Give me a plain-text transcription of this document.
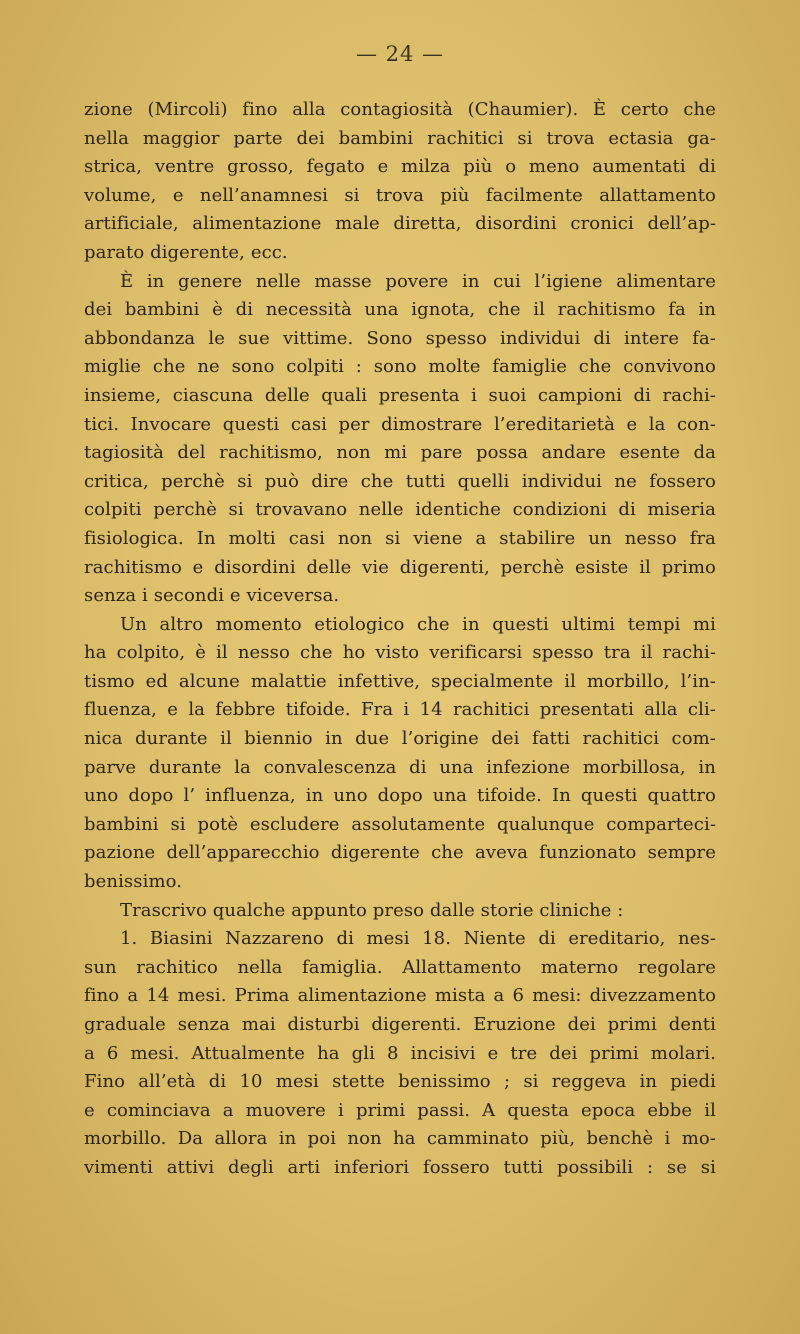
— 24 —

zione (Mircoli) fino alla contagiosità (Chaumier). È certo che
nella maggior parte dei bambini rachitici si trova ectasia ga-
strica, ventre grosso, fegato e milza più o meno aumentati di
volume, e nell’anamnesi si trova più facilmente allattamento
artificiale, alimentazione male diretta, disordini cronici dell’ap-
parato digerente, ecc.

È in genere nelle masse povere in cui l’igiene alimentare
dei bambini è di necessità una ignota, che il rachitismo fa in
abbondanza le sue vittime. Sono spesso individui di intere fa-
miglie che ne sono colpiti : sono molte famiglie che convivono
insieme, ciascuna delle quali presenta i suoi campioni di rachi-
tici. Invocare questi casi per dimostrare l’ereditarietà e la con-
tagiosità del rachitismo, non mi pare possa andare esente da
critica, perchè si può dire che tutti quelli individui ne fossero
colpiti perchè si trovavano nelle identiche condizioni di miseria
fisiologica. In molti casi non si viene a stabilire un nesso fra
rachitismo e disordini delle vie digerenti, perchè esiste il primo
senza i secondi e viceversa.

Un altro momento etiologico che in questi ultimi tempi mi
ha colpito, è il nesso che ho visto verificarsi spesso tra il rachi-
tismo ed alcune malattie infettive, specialmente il morbillo, l’in-
fluenza, e la febbre tifoide. Fra i 14 rachitici presentati alla cli-
nica durante il biennio in due l’origine dei fatti rachitici com-
parve durante la convalescenza di una infezione morbillosa, in
uno dopo l’ influenza, in uno dopo una tifoide. In questi quattro
bambini si potè escludere assolutamente qualunque comparteci-
pazione dell’apparecchio digerente che aveva funzionato sempre
benissimo.

Trascrivo qualche appunto preso dalle storie cliniche :

1. Biasini Nazzareno di mesi 18. Niente di ereditario, nes-
sun rachitico nella famiglia. Allattamento materno regolare
fino a 14 mesi. Prima alimentazione mista a 6 mesi: divezzamento
graduale senza mai disturbi digerenti. Eruzione dei primi denti
a 6 mesi. Attualmente ha gli 8 incisivi e tre dei primi molari.
Fino all’età di 10 mesi stette benissimo ; si reggeva in piedi
e cominciava a muovere i primi passi. A questa epoca ebbe il
morbillo. Da allora in poi non ha camminato più, benchè i mo-
vimenti attivi degli arti inferiori fossero tutti possibili : se si
